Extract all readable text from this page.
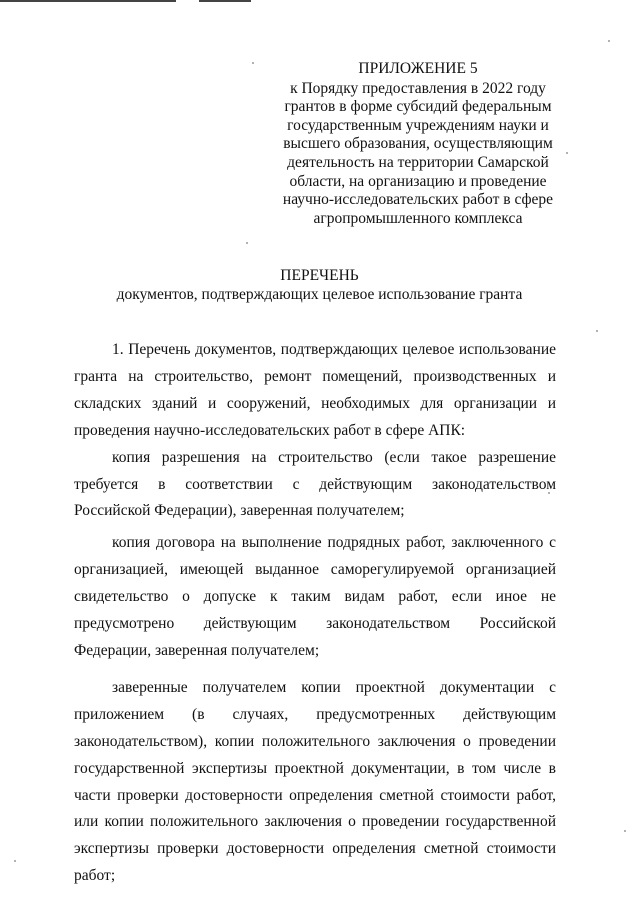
ПРИЛОЖЕНИЕ 5
к Порядку предоставления в 2022 году
грантов в форме субсидий федеральным
государственным учреждениям науки и
высшего образования, осуществляющим
деятельность на территории Самарской
области, на организацию и проведение
научно-исследовательских работ в сфере
агропромышленного комплекса
ПЕРЕЧЕНЬ
документов, подтверждающих целевое использование гранта

1. Перечень документов, подтверждающих целевое использование гранта на строительство, ремонт помещений, производственных и складских зданий и сооружений, необходимых для организации и проведения научно-исследовательских работ в сфере АПК:

копия разрешения на строительство (если такое разрешение требуется в соответствии с действующим законодательством Российской Федерации), заверенная получателем;

копия договора на выполнение подрядных работ, заключенного с организацией, имеющей выданное саморегулируемой организацией свидетельство о допуске к таким видам работ, если иное не предусмотрено действующим законодательством Российской Федерации, заверенная получателем;

заверенные получателем копии проектной документации с приложением (в случаях, предусмотренных действующим законодательством), копии положительного заключения о проведении государственной экспертизы проектной документации, в том числе в части проверки достоверности определения сметной стоимости работ, или копии положительного заключения о проведении государственной экспертизы проверки достоверности определения сметной стоимости работ;
